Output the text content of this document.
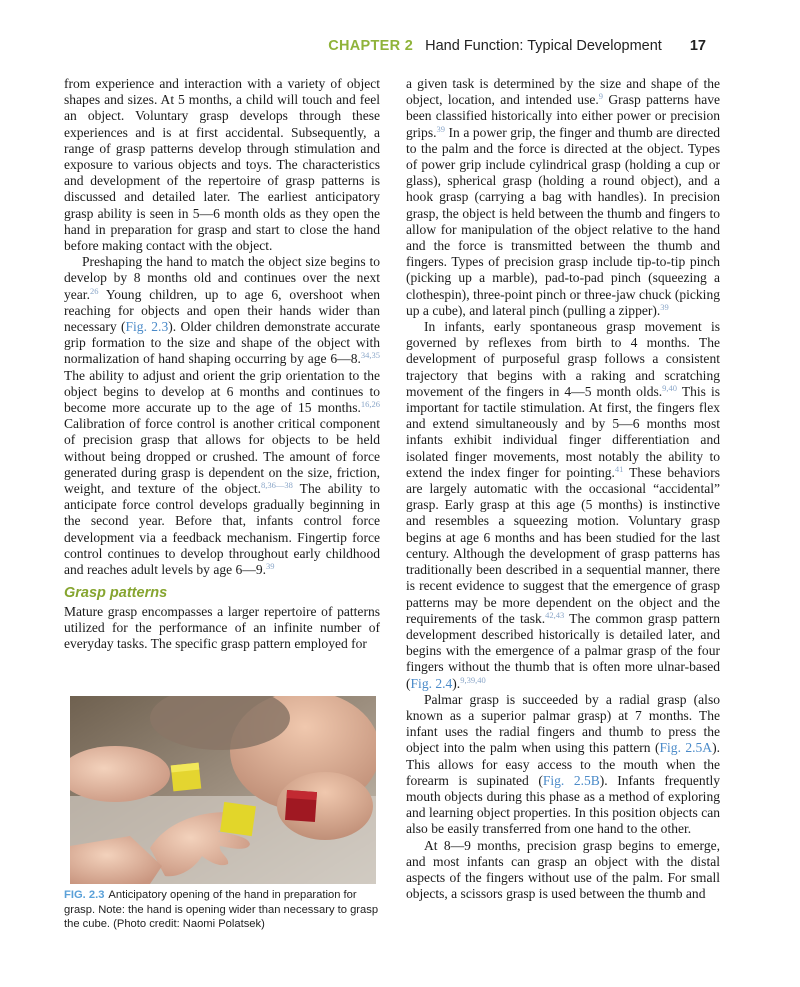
CHAPTER 2 Hand Function: Typical Development 17

from experience and interaction with a variety of object shapes and sizes. At 5 months, a child will touch and feel an object. Voluntary grasp develops through these experiences and is at first accidental. Subsequently, a range of grasp patterns develop through stimulation and exposure to various objects and toys. The characteristics and development of the repertoire of grasp patterns is discussed and detailed later. The earliest anticipatory grasp ability is seen in 5—6 month olds as they open the hand in preparation for grasp and start to close the hand before making contact with the object.

Preshaping the hand to match the object size begins to develop by 8 months old and continues over the next year.$^{26}$ Young children, up to age 6, overshoot when reaching for objects and open their hands wider than necessary (Fig. 2.3). Older children demonstrate accurate grip formation to the size and shape of the object with normalization of hand shaping occurring by age 6—8.$^{34,35}$ The ability to adjust and orient the grip orientation to the object begins to develop at 6 months and continues to become more accurate up to the age of 15 months.$^{16,26}$ Calibration of force control is another critical component of precision grasp that allows for objects to be held without being dropped or crushed. The amount of force generated during grasp is dependent on the size, friction, weight, and texture of the object.$^{8,36—38}$ The ability to anticipate force control develops gradually beginning in the second year. Before that, infants control force development via a feedback mechanism. Fingertip force control continues to develop throughout early childhood and reaches adult levels by age 6—9.39

Grasp patterns

Mature grasp encompasses a larger repertoire of patterns utilized for the performance of an infinite number of everyday tasks. The specific grasp pattern employed for

FIG. 2.3 Anticipatory opening of the hand in preparation for grasp. Note: the hand is opening wider than necessary to grasp the cube. (Photo credit: Naomi Polatsek)

a given task is determined by the size and shape of the object, location, and intended use.$^9$ Grasp patterns have been classified historically into either power or precision grips.$^{39}$ In a power grip, the finger and thumb are directed to the palm and the force is directed at the object. Types of power grip include cylindrical grasp (holding a cup or glass), spherical grasp (holding a round object), and a hook grasp (carrying a bag with handles). In precision grasp, the object is held between the thumb and fingers to allow for manipulation of the object relative to the hand and the force is transmitted between the thumb and fingers. Types of precision grasp include tip-to-tip pinch (picking up a marble), pad-to-pad pinch (squeezing a clothespin), three-point pinch or three-jaw chuck (picking up a cube), and lateral pinch (pulling a zipper).$^{39}$

In infants, early spontaneous grasp movement is governed by reflexes from birth to 4 months. The development of purposeful grasp follows a consistent trajectory that begins with a raking and scratching movement of the fingers in 4—5 month olds.$^{9,40}$ This is important for tactile stimulation. At first, the fingers flex and extend simultaneously and by 5—6 months most infants exhibit individual finger differentiation and isolated finger movements, most notably the ability to extend the index finger for pointing.$^{41}$ These behaviors are largely automatic with the occasional “accidental” grasp. Early grasp at this age (5 months) is instinctive and resembles a squeezing motion. Voluntary grasp begins at age 6 months and has been studied for the last century. Although the development of grasp patterns has traditionally been described in a sequential manner, there is recent evidence to suggest that the emergence of grasp patterns may be more dependent on the object and the requirements of the task.$^{42,43}$ The common grasp pattern development described historically is detailed later, and begins with the emergence of a palmar grasp of the four fingers without the thumb that is often more ulnar-based (Fig. 2.4).$^{9,39,40}$

Palmar grasp is succeeded by a radial grasp (also known as a superior palmar grasp) at 7 months. The infant uses the radial fingers and thumb to press the object into the palm when using this pattern (Fig. 2.5A). This allows for easy access to the mouth when the forearm is supinated (Fig. 2.5B). Infants frequently mouth objects during this phase as a method of exploring and learning object properties. In this position objects can also be easily transferred from one hand to the other.

At 8—9 months, precision grasp begins to emerge, and most infants can grasp an object with the distal aspects of the fingers without use of the palm. For small objects, a scissors grasp is used between the thumb and
